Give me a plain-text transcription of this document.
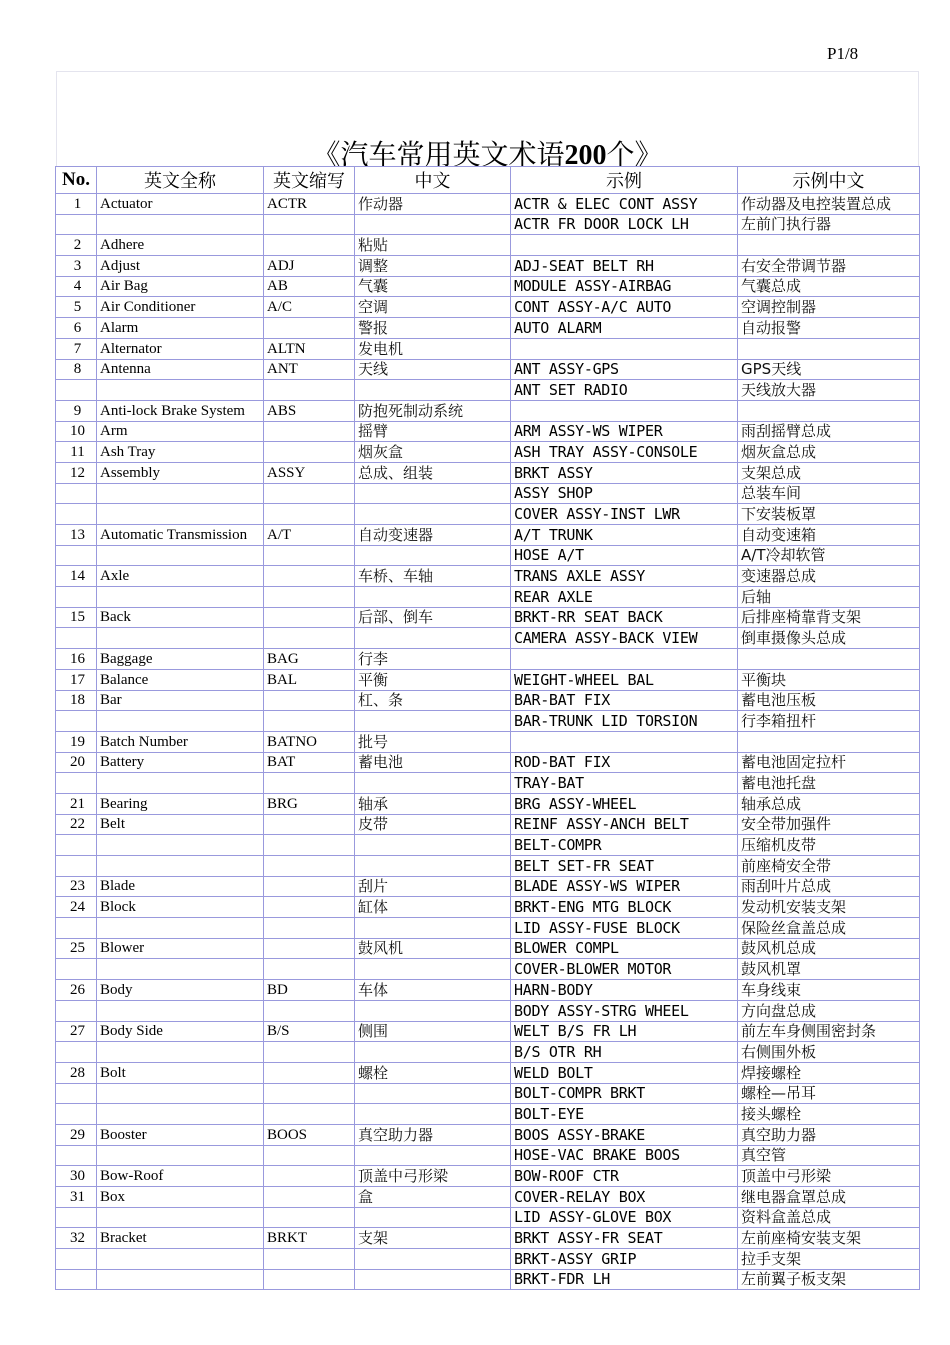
P1/8
《汽车常用英文术语200个》
No.	英文全称	英文缩写	中文	示例	示例中文
1	Actuator	ACTR	作动器	ACTR & ELEC CONT ASSY	作动器及电控装置总成
				ACTR FR DOOR LOCK LH	左前门执行器
2	Adhere		粘贴		
3	Adjust	ADJ	调整	ADJ-SEAT BELT RH	右安全带调节器
4	Air Bag	AB	气囊	MODULE ASSY-AIRBAG	气囊总成
5	Air Conditioner	A/C	空调	CONT ASSY-A/C AUTO	空调控制器
6	Alarm		警报	AUTO ALARM	自动报警
7	Alternator	ALTN	发电机		
8	Antenna	ANT	天线	ANT ASSY-GPS	GPS天线
				ANT SET RADIO	天线放大器
9	Anti-lock Brake System	ABS	防抱死制动系统		
10	Arm		摇臂	ARM ASSY-WS WIPER	雨刮摇臂总成
11	Ash Tray		烟灰盒	ASH TRAY ASSY-CONSOLE	烟灰盒总成
12	Assembly	ASSY	总成、组装	BRKT ASSY	支架总成
				ASSY SHOP	总装车间
				COVER ASSY-INST LWR	下安装板罩
13	Automatic Transmission	A/T	自动变速器	A/T TRUNK	自动变速箱
				HOSE A/T	A/T冷却软管
14	Axle		车桥、车轴	TRANS AXLE ASSY	变速器总成
				REAR AXLE	后轴
15	Back		后部、倒车	BRKT-RR SEAT BACK	后排座椅靠背支架
				CAMERA ASSY-BACK VIEW	倒車摄像头总成
16	Baggage	BAG	行李		
17	Balance	BAL	平衡	WEIGHT-WHEEL BAL	平衡块
18	Bar		杠、条	BAR-BAT FIX	蓄电池压板
				BAR-TRUNK LID TORSION	行李箱扭杆
19	Batch Number	BATNO	批号		
20	Battery	BAT	蓄电池	ROD-BAT FIX	蓄电池固定拉杆
				TRAY-BAT	蓄电池托盘
21	Bearing	BRG	轴承	BRG ASSY-WHEEL	轴承总成
22	Belt		皮带	REINF ASSY-ANCH BELT	安全带加强件
				BELT-COMPR	压缩机皮带
				BELT SET-FR SEAT	前座椅安全带
23	Blade		刮片	BLADE ASSY-WS WIPER	雨刮叶片总成
24	Block		缸体	BRKT-ENG MTG BLOCK	发动机安装支架
				LID ASSY-FUSE BLOCK	保险丝盒盖总成
25	Blower		鼓风机	BLOWER COMPL	鼓风机总成
				COVER-BLOWER MOTOR	鼓风机罩
26	Body	BD	车体	HARN-BODY	车身线束
				BODY ASSY-STRG WHEEL	方向盘总成
27	Body Side	B/S	侧围	WELT B/S FR LH	前左车身侧围密封条
				B/S OTR RH	右侧围外板
28	Bolt		螺栓	WELD BOLT	焊接螺栓
				BOLT-COMPR BRKT	螺栓—吊耳
				BOLT-EYE	接头螺栓
29	Booster	BOOS	真空助力器	BOOS ASSY-BRAKE	真空助力器
				HOSE-VAC BRAKE BOOS	真空管
30	Bow-Roof		顶盖中弓形梁	BOW-ROOF CTR	顶盖中弓形梁
31	Box		盒	COVER-RELAY BOX	继电器盒罩总成
				LID ASSY-GLOVE BOX	资料盒盖总成
32	Bracket	BRKT	支架	BRKT ASSY-FR SEAT	左前座椅安装支架
				BRKT-ASSY GRIP	拉手支架
				BRKT-FDR LH	左前翼子板支架
